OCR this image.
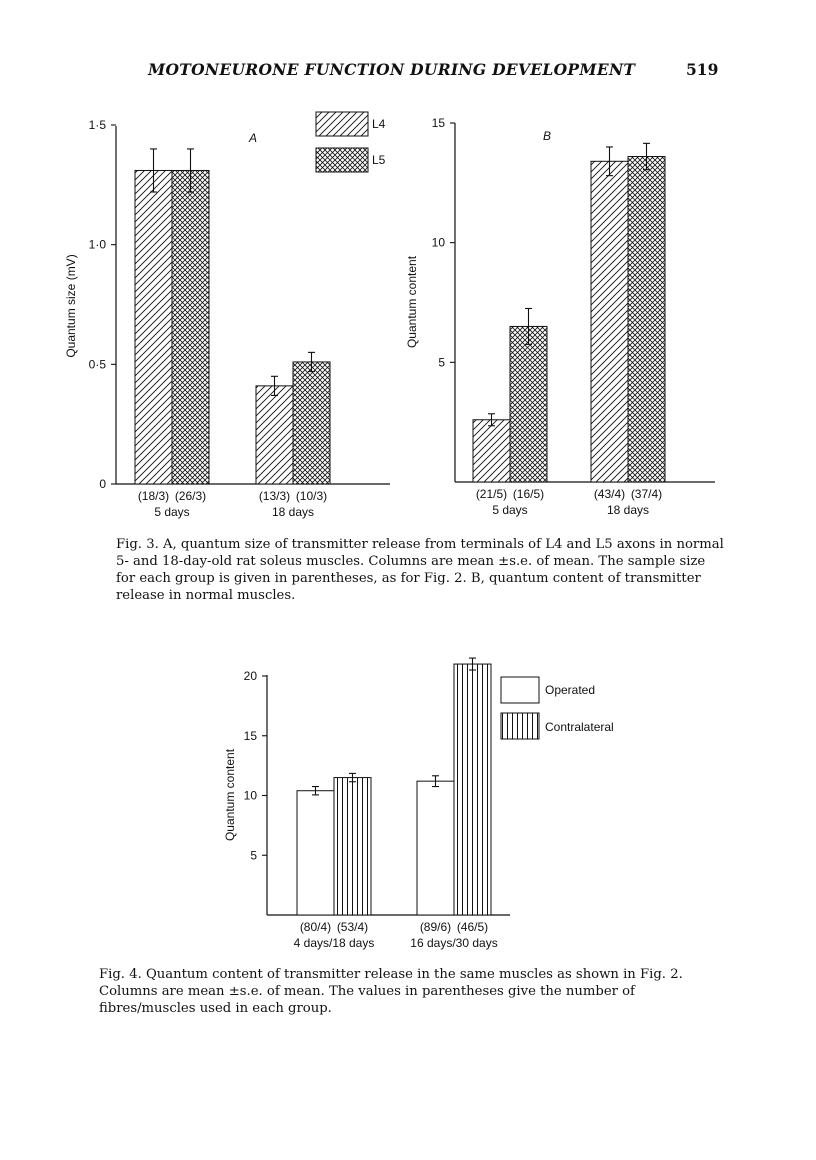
MOTONEURONE FUNCTION DURING DEVELOPMENT	519
A
Quantum size (mV)
0
0·5
1·0
1·5
(18/3) (26/3)
5 days
(13/3) (10/3)
18 days
L4
L5
B
Quantum content
5
10
15
(21/5) (16/5)
5 days
(43/4) (37/4)
18 days

Fig. 3. A, quantum size of transmitter release from terminals of L4 and L5 axons in normal

5- and 18-day-old rat soleus muscles. Columns are mean ±s.e. of mean. The sample size

for each group is given in parentheses, as for Fig. 2. B, quantum content of transmitter

release in normal muscles.

Quantum content
5
10
15
20
(80/4) (53/4)
4 days/18 days
(89/6) (46/5)
16 days/30 days
Operated
Contralateral

Fig. 4. Quantum content of transmitter release in the same muscles as shown in Fig. 2.

Columns are mean ±s.e. of mean. The values in parentheses give the number of

fibres/muscles used in each group.
